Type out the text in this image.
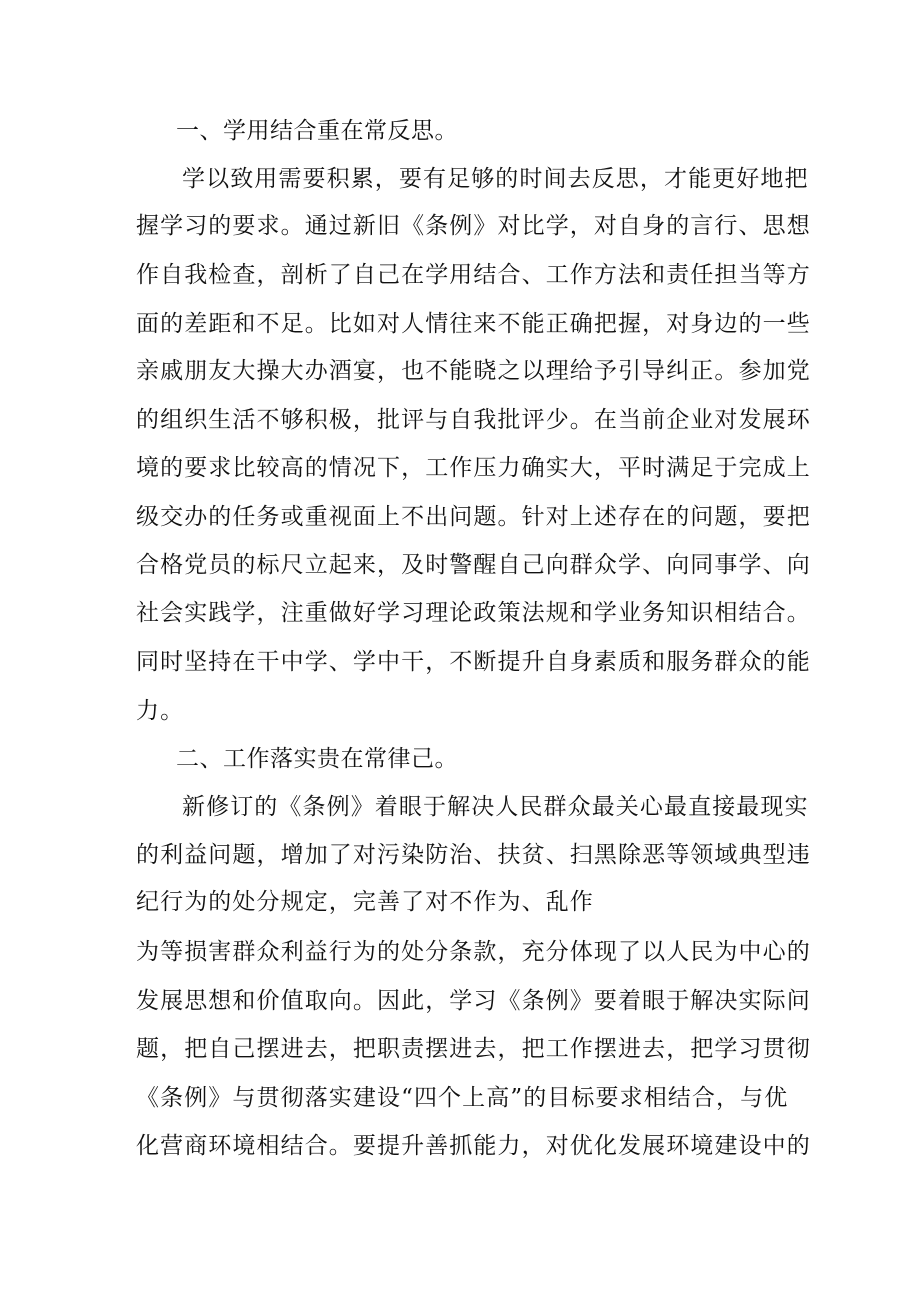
一、学用结合重在常反思。
学以致用需要积累，要有足够的时间去反思，才能更好地把
握学习的要求。通过新旧《条例》对比学，对自身的言行、思想
作自我检查，剖析了自己在学用结合、工作方法和责任担当等方
面的差距和不足。比如对人情往来不能正确把握，对身边的一些
亲戚朋友大操大办酒宴，也不能晓之以理给予引导纠正。参加党
的组织生活不够积极，批评与自我批评少。在当前企业对发展环
境的要求比较高的情况下，工作压力确实大，平时满足于完成上
级交办的任务或重视面上不出问题。针对上述存在的问题，要把
合格党员的标尺立起来，及时警醒自己向群众学、向同事学、向
社会实践学，注重做好学习理论政策法规和学业务知识相结合。
同时坚持在干中学、学中干，不断提升自身素质和服务群众的能
力。
二、工作落实贵在常律己。
新修订的《条例》着眼于解决人民群众最关心最直接最现实
的利益问题，增加了对污染防治、扶贫、扫黑除恶等领域典型违
纪行为的处分规定，完善了对不作为、乱作
为等损害群众利益行为的处分条款，充分体现了以人民为中心的
发展思想和价值取向。因此，学习《条例》要着眼于解决实际问
题，把自己摆进去，把职责摆进去，把工作摆进去，把学习贯彻
《条例》与贯彻落实建设“四个上高”的目标要求相结合，与优
化营商环境相结合。要提升善抓能力，对优化发展环境建设中的
